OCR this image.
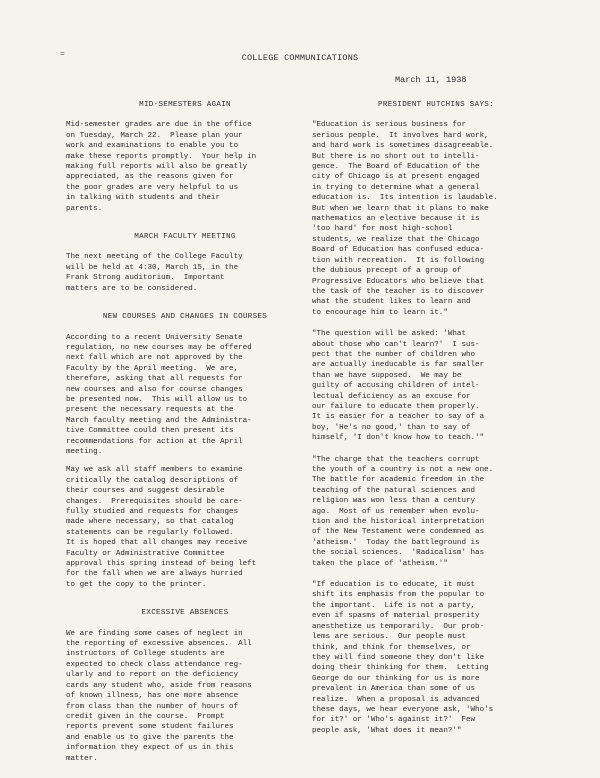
=	COLLEGE COMMUNICATIONS
March 11, 1938
MID-SEMESTERS AGAIN
Mid-semester grades are due in the office
on Tuesday, March 22.  Please plan your
work and examinations to enable you to
make these reports promptly.  Your help in
making full reports will also be greatly
appreciated, as the reasons given for
the poor grades are very helpful to us
in talking with students and their
parents.
MARCH FACULTY MEETING
The next meeting of the College Faculty
will be held at 4:30, March 15, in the
Frank Strong auditorium.  Important
matters are to be considered.
NEW COURSES AND CHANGES IN COURSES
According to a recent University Senate
regulation, no new courses may be offered
next fall which are not approved by the
Faculty by the April meeting.  We are,
therefore, asking that all requests for
new courses and also for course changes
be presented now.  This will allow us to
present the necessary requests at the
March faculty meeting and the Administra-
tive Committee could then present its
recommendations for action at the April
meeting.
May we ask all staff members to examine
critically the catalog descriptions of
their courses and suggest desirable
changes.  Prerequisites should be care-
fully studied and requests for changes
made where necessary, so that catalog
statements can be regularly followed.
It is hoped that all changes may receive
Faculty or Administrative Committee
approval this spring instead of being left
for the fall when we are always hurried
to get the copy to the printer.
EXCESSIVE ABSENCES
We are finding some cases of neglect in
the reporting of excessive absences.  All
instructors of College students are
expected to check class attendance reg-
ularly and to report on the deficiency
cards any student who, aside from reasons
of known illness, has one more absence
from class than the number of hours of
credit given in the course.  Prompt
reports prevent some student failures
and enable us to give the parents the
information they expect of us in this
matter.
PRESIDENT HUTCHINS SAYS:
"Education is serious business for
serious people.  It involves hard work,
and hard work is sometimes disagreeable.
But there is no short out to intelli-
gence.  The Board of Education of the
city of Chicago is at present engaged
in trying to determine what a general
education is.  Its intention is laudable.
But when we learn that it plans to make
mathematics an elective because it is
'too hard' for most high-school
students, we realize that the Chicago
Board of Education has confused educa-
tion with recreation.  It is following
the dubious precept of a group of
Progressive Educators who believe that
the task of the teacher is to discover
what the student likes to learn and
to encourage him to learn it."
"The question will be asked: 'What
about those who can't learn?'  I sus-
pect that the number of children who
are actually ineducable is far smaller
than we have supposed.  We may be
guilty of accusing children of intel-
lectual deficiency as an excuse for
our failure to educate them properly.
It is easier for a teacher to say of a
boy, 'He's no good,' than to say of
himself, 'I don't know how to teach.'"
"The charge that the teachers corrupt
the youth of a country is not a new one.
The battle for academic freedom in the
teaching of the natural sciences and
religion was won less than a century
ago.  Most of us remember when evolu-
tion and the historical interpretation
of the New Testament were condemned as
'atheism.'  Today the battleground is
the social sciences.  'Radicalism' has
taken the place of 'atheism.'"
"If education is to educate, it must
shift its emphasis from the popular to
the important.  Life is not a party,
even if spasms of material prosperity
anesthetize us temporarily.  Our prob-
lems are serious.  Our people must
think, and think for themselves, or
they will find someone they don't like
doing their thinking for them.  Letting
George do our thinking for us is more
prevalent in America than some of us
realize.  When a proposal is advanced
these days, we hear everyone ask, 'Who's
for it?' or 'Who's against it?'  Few
people ask, 'What does it mean?'"
